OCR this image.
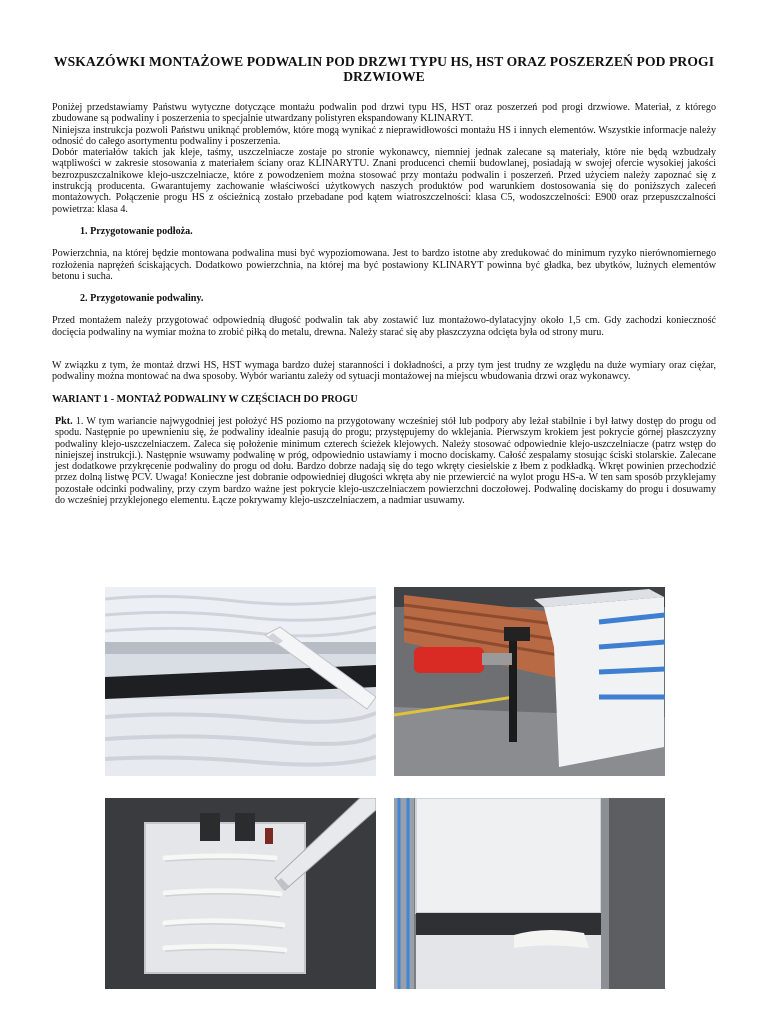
WSKAZÓWKI MONTAŻOWE PODWALIN POD DRZWI TYPU HS, HST ORAZ POSZERZEŃ POD PROGI DRZWIOWE

Poniżej przedstawiamy Państwu wytyczne dotyczące montażu podwalin pod drzwi typu HS, HST oraz poszerzeń pod progi drzwiowe. Materiał, z którego zbudowane są podwaliny i poszerzenia to specjalnie utwardzany polistyren ekspandowany KLINARYT.

Niniejsza instrukcja pozwoli Państwu uniknąć problemów, które mogą wynikać z nieprawidłowości montażu HS i innych elementów. Wszystkie informacje należy odnosić do całego asortymentu podwaliny i poszerzenia.

Dobór materiałów takich jak kleje, taśmy, uszczelniacze zostaje po stronie wykonawcy, niemniej jednak zalecane są materiały, które nie będą wzbudzały wątpliwości w zakresie stosowania z materiałem ściany oraz KLINARYTU. Znani producenci chemii budowlanej, posiadają w swojej ofercie wysokiej jakości bezrozpuszczalnikowe klejo-uszczelniacze, które z powodzeniem można stosować przy montażu podwalin i poszerzeń. Przed użyciem należy zapoznać się z instrukcją producenta. Gwarantujemy zachowanie właściwości użytkowych naszych produktów pod warunkiem dostosowania się do poniższych zaleceń montażowych. Połączenie progu HS z ościeżnicą zostało przebadane pod kątem wiatroszczelności: klasa C5, wodoszczelności: E900 oraz przepuszczalności powietrza: klasa 4.

1. Przygotowanie podłoża.

Powierzchnia, na której będzie montowana podwalina musi być wypoziomowana. Jest to bardzo istotne aby zredukować do minimum ryzyko nierównomiernego rozłożenia naprężeń ściskających. Dodatkowo powierzchnia, na której ma być postawiony KLINARYT powinna być gładka, bez ubytków, luźnych elementów betonu i sucha.

2. Przygotowanie podwaliny.

Przed montażem należy przygotować odpowiednią długość podwalin tak aby zostawić luz montażowo-dylatacyjny około 1,5 cm. Gdy zachodzi konieczność docięcia podwaliny na wymiar można to zrobić piłką do metalu, drewna. Należy starać się aby płaszczyzna odcięta była od strony muru.

W związku z tym, że montaż drzwi HS, HST wymaga bardzo dużej staranności i dokładności, a przy tym jest trudny ze względu na duże wymiary oraz ciężar, podwaliny można montować na dwa sposoby. Wybór wariantu zależy od sytuacji montażowej na miejscu wbudowania drzwi oraz wykonawcy.

WARIANT 1 - MONTAŻ PODWALINY W CZĘŚCIACH DO PROGU

Pkt. 1. W tym wariancie najwygodniej jest położyć HS poziomo na przygotowany wcześniej stół lub podpory aby leżał stabilnie i był łatwy dostęp do progu od spodu. Następnie po upewnieniu się, że podwaliny idealnie pasują do progu; przystępujemy do wklejania. Pierwszym krokiem jest pokrycie górnej płaszczyzny podwaliny klejo-uszczelniaczem. Zaleca się położenie minimum czterech ścieżek klejowych. Należy stosować odpowiednie klejo-uszczelniacze (patrz wstęp do niniejszej instrukcji.). Następnie wsuwamy podwalinę w próg, odpowiednio ustawiamy i mocno dociskamy. Całość zespalamy stosując ściski stolarskie. Zalecane jest dodatkowe przykręcenie podwaliny do progu od dołu. Bardzo dobrze nadają się do tego wkręty ciesielskie z łbem z podkładką. Wkręt powinien przechodzić przez dolną listwę PCV. Uwaga! Konieczne jest dobranie odpowiedniej długości wkręta aby nie przewiercić na wylot progu HS-a. W ten sam sposób przyklejamy pozostałe odcinki podwaliny, przy czym bardzo ważne jest pokrycie klejo-uszczelniaczem powierzchni doczołowej. Podwalinę dociskamy do progu i dosuwamy do wcześniej przyklejonego elementu. Łącze pokrywamy klejo-uszczelniaczem, a nadmiar usuwamy.
